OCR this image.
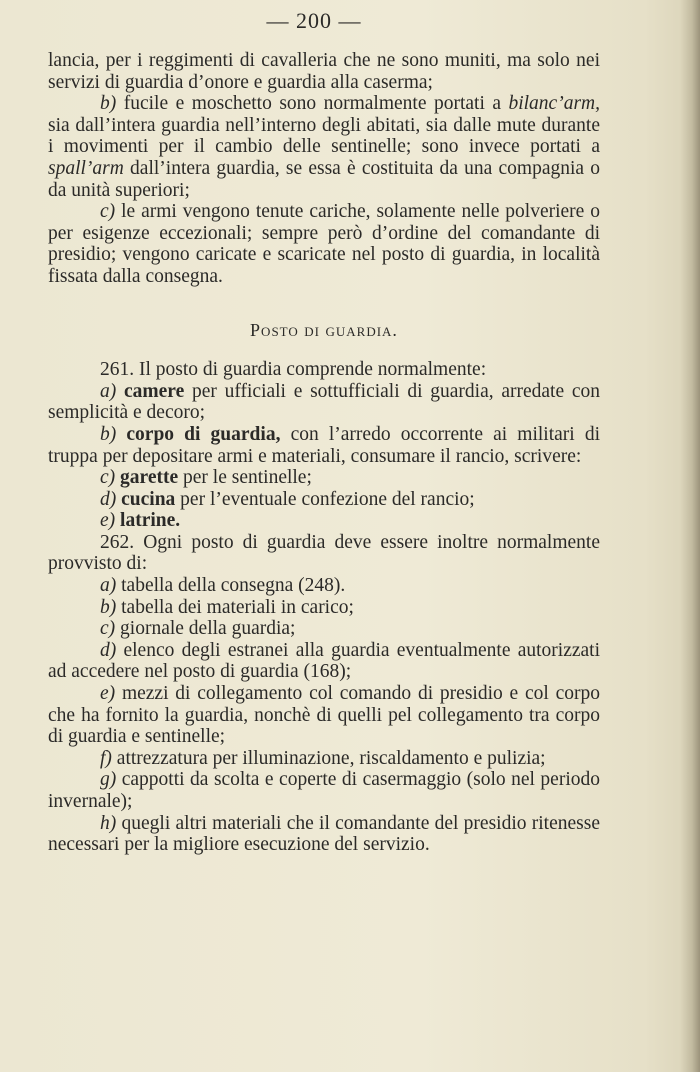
— 200 —

lancia, per i reggimenti di cavalleria che ne sono muniti, ma solo nei servizi di guardia d’onore e guardia alla caserma;

b) fucile e moschetto sono normalmente portati a bilanc’arm, sia dall’intera guardia nell’interno degli abitati, sia dalle mute durante i movimenti per il cambio delle sentinelle; sono invece portati a spall’arm dall’intera guardia, se essa è costituita da una compagnia o da unità superiori;

c) le armi vengono tenute cariche, solamente nelle polveriere o per esigenze eccezionali; sempre però d’ordine del comandante di presidio; vengono caricate e scaricate nel posto di guardia, in località fissata dalla consegna.

Posto di guardia.

261. Il posto di guardia comprende normalmente:

a) camere per ufficiali e sottufficiali di guardia, arredate con semplicità e decoro;

b) corpo di guardia, con l’arredo occorrente ai militari di truppa per depositare armi e materiali, consumare il rancio, scrivere:

c) garette per le sentinelle;

d) cucina per l’eventuale confezione del rancio;

e) latrine.

262. Ogni posto di guardia deve essere inoltre normalmente provvisto di:

a) tabella della consegna (248).

b) tabella dei materiali in carico;

c) giornale della guardia;

d) elenco degli estranei alla guardia eventualmente autorizzati ad accedere nel posto di guardia (168);

e) mezzi di collegamento col comando di presidio e col corpo che ha fornito la guardia, nonchè di quelli pel collegamento tra corpo di guardia e sentinelle;

f) attrezzatura per illuminazione, riscaldamento e pulizia;

g) cappotti da scolta e coperte di casermaggio (solo nel periodo invernale);

h) quegli altri materiali che il comandante del presidio ritenesse necessari per la migliore esecuzione del servizio.
